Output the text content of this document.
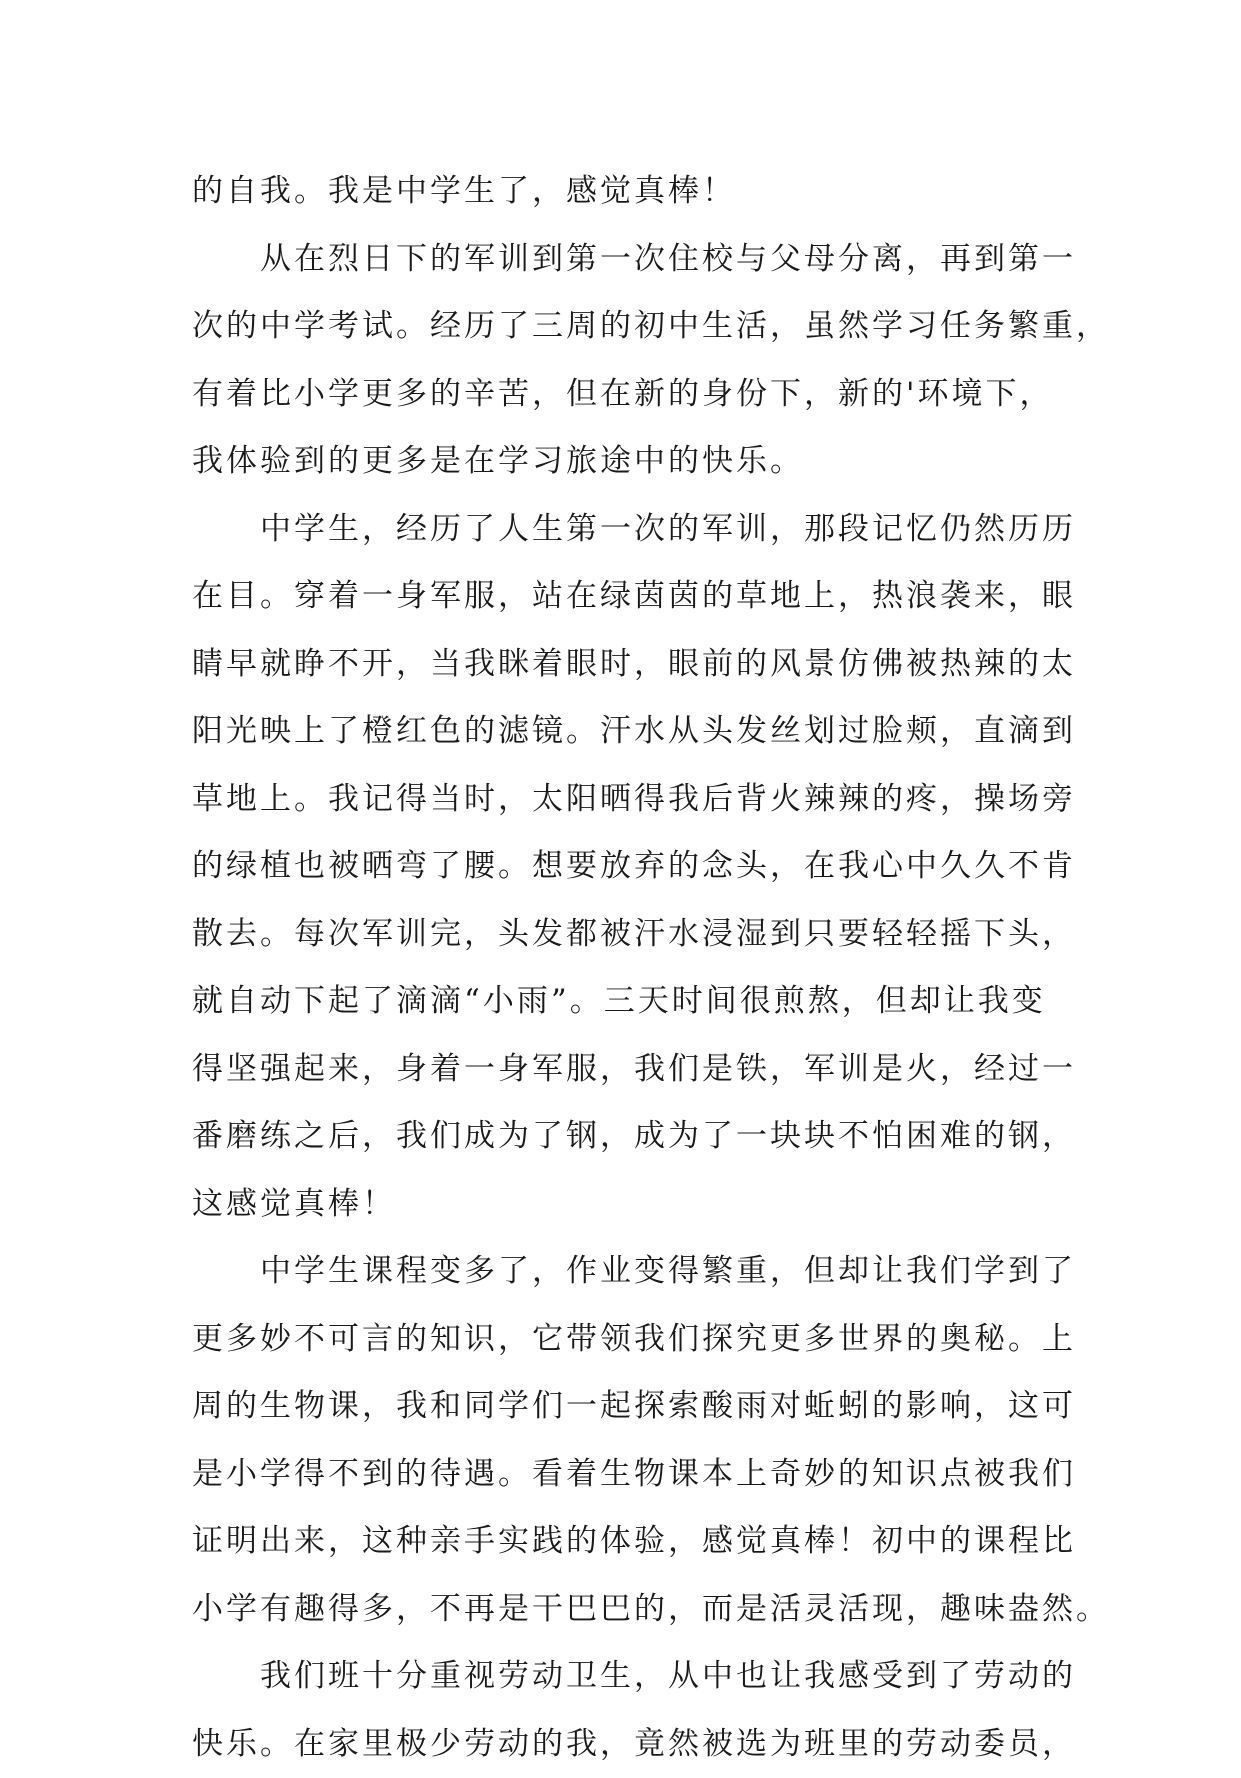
的自我。我是中学生了，感觉真棒！
从在烈日下的军训到第一次住校与父母分离，再到第一
次的中学考试。经历了三周的初中生活，虽然学习任务繁重，
有着比小学更多的辛苦，但在新的身份下，新的'环境下，
我体验到的更多是在学习旅途中的快乐。
中学生，经历了人生第一次的军训，那段记忆仍然历历
在目。穿着一身军服，站在绿茵茵的草地上，热浪袭来，眼
睛早就睁不开，当我眯着眼时，眼前的风景仿佛被热辣的太
阳光映上了橙红色的滤镜。汗水从头发丝划过脸颊，直滴到
草地上。我记得当时，太阳晒得我后背火辣辣的疼，操场旁
的绿植也被晒弯了腰。想要放弃的念头，在我心中久久不肯
散去。每次军训完，头发都被汗水浸湿到只要轻轻摇下头，
就自动下起了滴滴“小雨”。三天时间很煎熬，但却让我变
得坚强起来，身着一身军服，我们是铁，军训是火，经过一
番磨练之后，我们成为了钢，成为了一块块不怕困难的钢，
这感觉真棒！
中学生课程变多了，作业变得繁重，但却让我们学到了
更多妙不可言的知识，它带领我们探究更多世界的奥秘。上
周的生物课，我和同学们一起探索酸雨对蚯蚓的影响，这可
是小学得不到的待遇。看着生物课本上奇妙的知识点被我们
证明出来，这种亲手实践的体验，感觉真棒！初中的课程比
小学有趣得多，不再是干巴巴的，而是活灵活现，趣味盎然。
我们班十分重视劳动卫生，从中也让我感受到了劳动的
快乐。在家里极少劳动的我，竟然被选为班里的劳动委员，
